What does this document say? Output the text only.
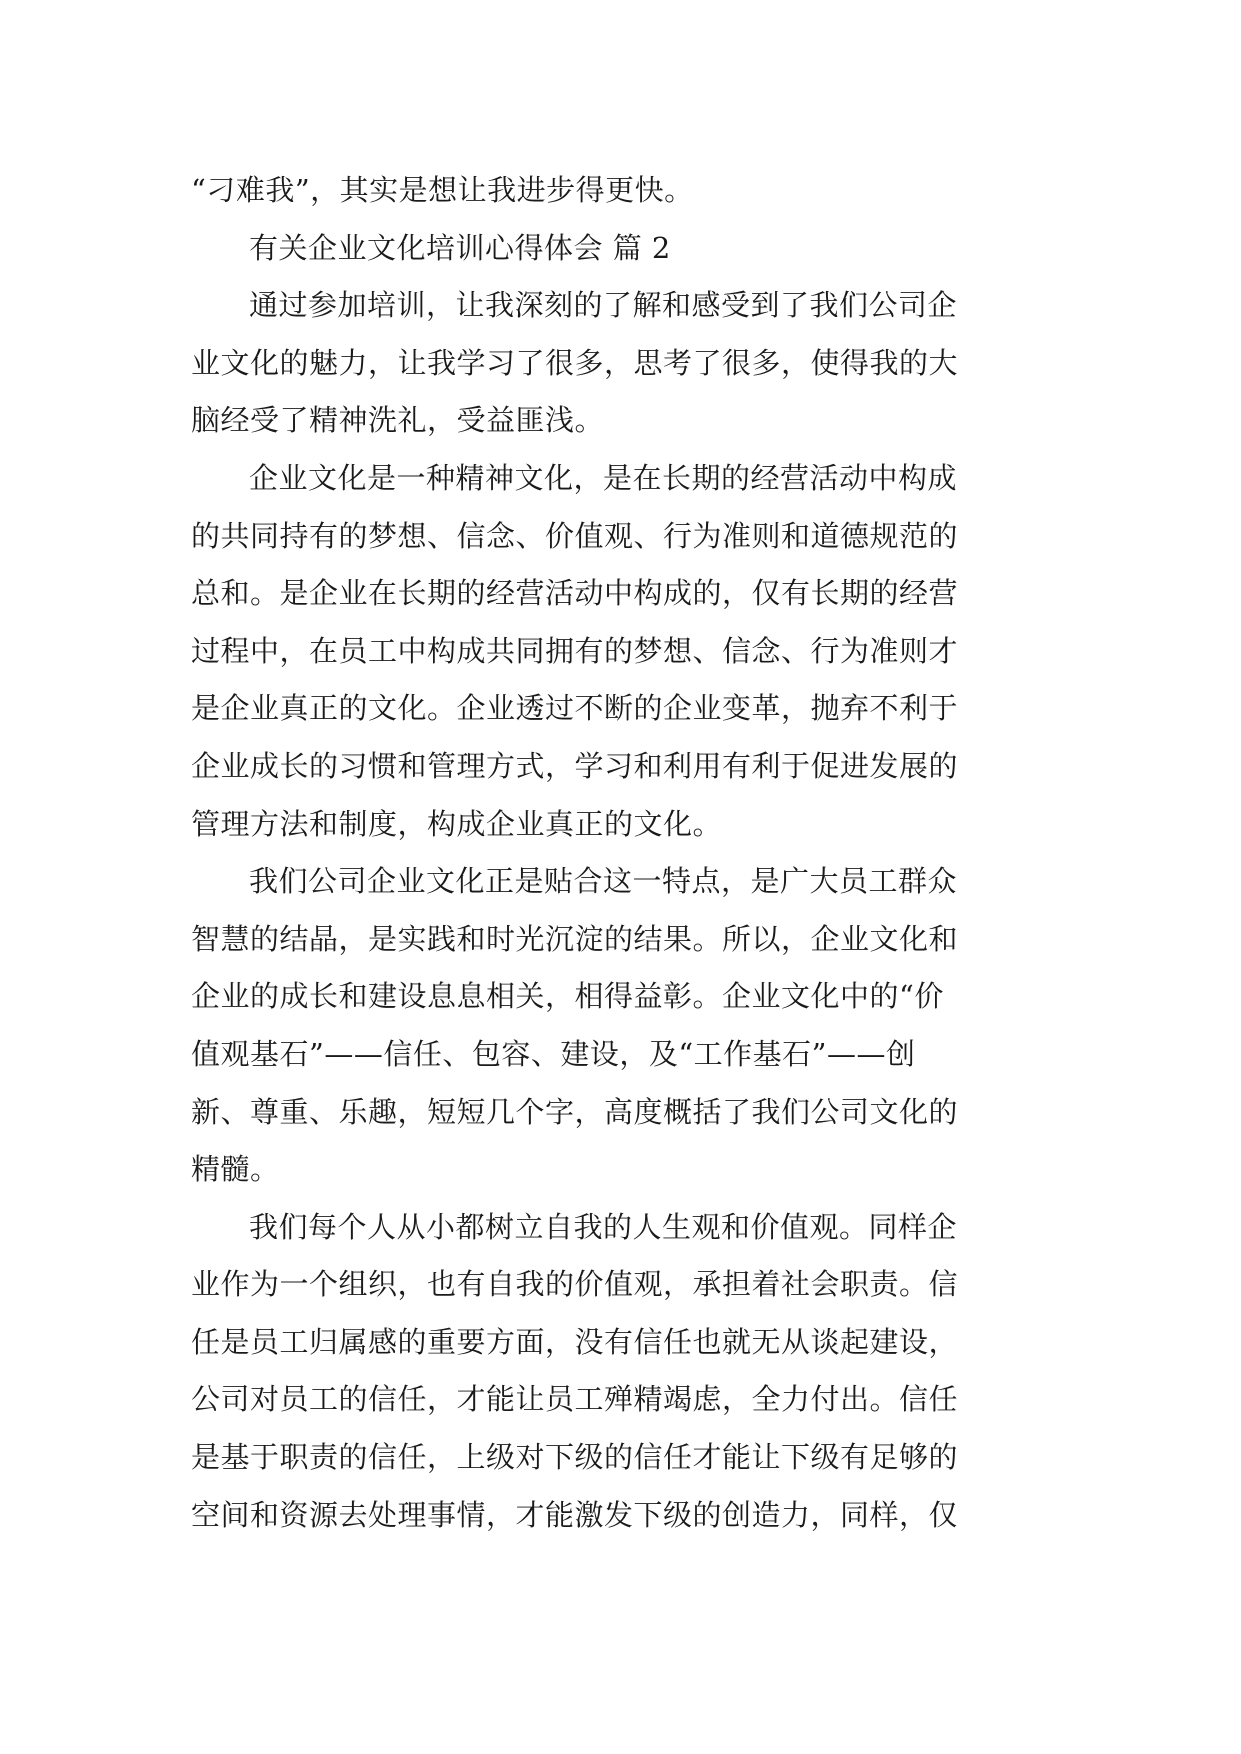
“刁难我”，其实是想让我进步得更快。

有关企业文化培训心得体会 篇 2

通过参加培训，让我深刻的了解和感受到了我们公司企
业文化的魅力，让我学习了很多，思考了很多，使得我的大
脑经受了精神洗礼，受益匪浅。

企业文化是一种精神文化，是在长期的经营活动中构成
的共同持有的梦想、信念、价值观、行为准则和道德规范的
总和。是企业在长期的经营活动中构成的，仅有长期的经营
过程中，在员工中构成共同拥有的梦想、信念、行为准则才
是企业真正的文化。企业透过不断的企业变革，抛弃不利于
企业成长的习惯和管理方式，学习和利用有利于促进发展的
管理方法和制度，构成企业真正的文化。

我们公司企业文化正是贴合这一特点，是广大员工群众
智慧的结晶，是实践和时光沉淀的结果。所以，企业文化和
企业的成长和建设息息相关，相得益彰。企业文化中的“价
值观基石”——信任、包容、建设，及“工作基石”——创
新、尊重、乐趣，短短几个字，高度概括了我们公司文化的
精髓。

我们每个人从小都树立自我的人生观和价值观。同样企
业作为一个组织，也有自我的价值观，承担着社会职责。信
任是员工归属感的重要方面，没有信任也就无从谈起建设，
公司对员工的信任，才能让员工殚精竭虑，全力付出。信任
是基于职责的信任，上级对下级的信任才能让下级有足够的
空间和资源去处理事情，才能激发下级的创造力，同样，仅
